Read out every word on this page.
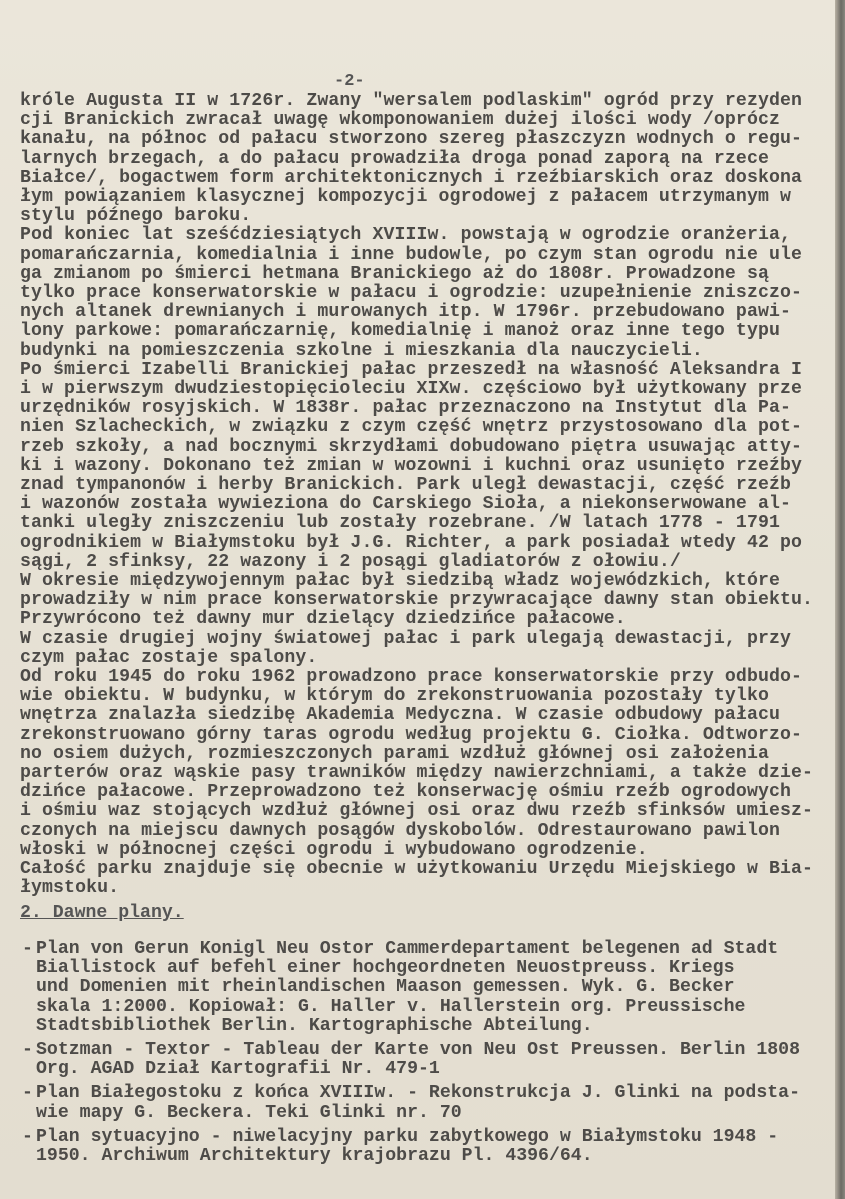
-2-
króle Augusta II w 1726r. Zwany "wersalem podlaskim" ogród przy rezyden
cji Branickich zwracał uwagę wkomponowaniem dużej ilości wody /oprócz
kanału, na północ od pałacu stworzono szereg płaszczyzn wodnych o regu-
larnych brzegach, a do pałacu prowadziła droga ponad zaporą na rzece
Białce/, bogactwem form architektonicznych i rzeźbiarskich oraz doskona
łym powiązaniem klasycznej kompozycji ogrodowej z pałacem utrzymanym w
stylu późnego baroku.
Pod koniec lat sześćdziesiątych XVIIIw. powstają w ogrodzie oranżeria,
pomarańczarnia, komedialnia i inne budowle, po czym stan ogrodu nie ule
ga zmianom po śmierci hetmana Branickiego aż do 1808r. Prowadzone są
tylko prace konserwatorskie w pałacu i ogrodzie: uzupełnienie zniszczo-
nych altanek drewnianych i murowanych itp. W 1796r. przebudowano pawi-
lony parkowe: pomarańczarnię, komedialnię i manoż oraz inne tego typu
budynki na pomieszczenia szkolne i mieszkania dla nauczycieli.
Po śmierci Izabelli Branickiej pałac przeszedł na własność Aleksandra I
i w pierwszym dwudziestopięcioleciu XIXw. częściowo był użytkowany prze
urzędników rosyjskich. W 1838r. pałac przeznaczono na Instytut dla Pa-
nien Szlacheckich, w związku z czym część wnętrz przystosowano dla pot-
rzeb szkoły, a nad bocznymi skrzydłami dobudowano piętra usuwając atty-
ki i wazony. Dokonano też zmian w wozowni i kuchni oraz usunięto rzeźby
znad tympanonów i herby Branickich. Park uległ dewastacji, część rzeźb
i wazonów została wywieziona do Carskiego Sioła, a niekonserwowane al-
tanki uległy zniszczeniu lub zostały rozebrane. /W latach 1778 - 1791
ogrodnikiem w Białymstoku był J.G. Richter, a park posiadał wtedy 42 po
sągi, 2 sfinksy, 22 wazony i 2 posągi gladiatorów z ołowiu./
W okresie międzywojennym pałac był siedzibą władz wojewódzkich, które
prowadziły w nim prace konserwatorskie przywracające dawny stan obiektu.
Przywrócono też dawny mur dzielący dziedzińce pałacowe.
W czasie drugiej wojny światowej pałac i park ulegają dewastacji, przy
czym pałac zostaje spalony.
Od roku 1945 do roku 1962 prowadzono prace konserwatorskie przy odbudo-
wie obiektu. W budynku, w którym do zrekonstruowania pozostały tylko
wnętrza znalazła siedzibę Akademia Medyczna. W czasie odbudowy pałacu
zrekonstruowano górny taras ogrodu według projektu G. Ciołka. Odtworzo-
no osiem dużych, rozmieszczonych parami wzdłuż głównej osi założenia
parterów oraz wąskie pasy trawników między nawierzchniami, a także dzie-
dzińce pałacowe. Przeprowadzono też konserwację ośmiu rzeźb ogrodowych
i ośmiu waz stojących wzdłuż głównej osi oraz dwu rzeźb sfinksów umiesz-
czonych na miejscu dawnych posągów dyskobolów. Odrestaurowano pawilon
włoski w północnej części ogrodu i wybudowano ogrodzenie.
Całość parku znajduje się obecnie w użytkowaniu Urzędu Miejskiego w Bia-
łymstoku.
2. Dawne plany.
- Plan von Gerun Konigl Neu Ostor Cammerdepartament belegenen ad Stadt
Biallistock auf befehl einer hochgeordneten Neuostpreuss. Kriegs
und Domenien mit rheinlandischen Maason gemessen. Wyk. G. Becker
skala 1:2000. Kopiował: G. Haller v. Hallerstein org. Preussische
Stadtsbibliothek Berlin. Kartographische Abteilung.
- Sotzman - Textor - Tableau der Karte von Neu Ost Preussen. Berlin 1808
Org. AGAD Dział Kartografii Nr. 479-1
- Plan Białegostoku z końca XVIIIw. - Rekonstrukcja J. Glinki na podsta-
wie mapy G. Beckera. Teki Glinki nr. 70
- Plan sytuacyjno - niwelacyjny parku zabytkowego w Białymstoku 1948 -
1950. Archiwum Architektury krajobrazu Pl. 4396/64.
